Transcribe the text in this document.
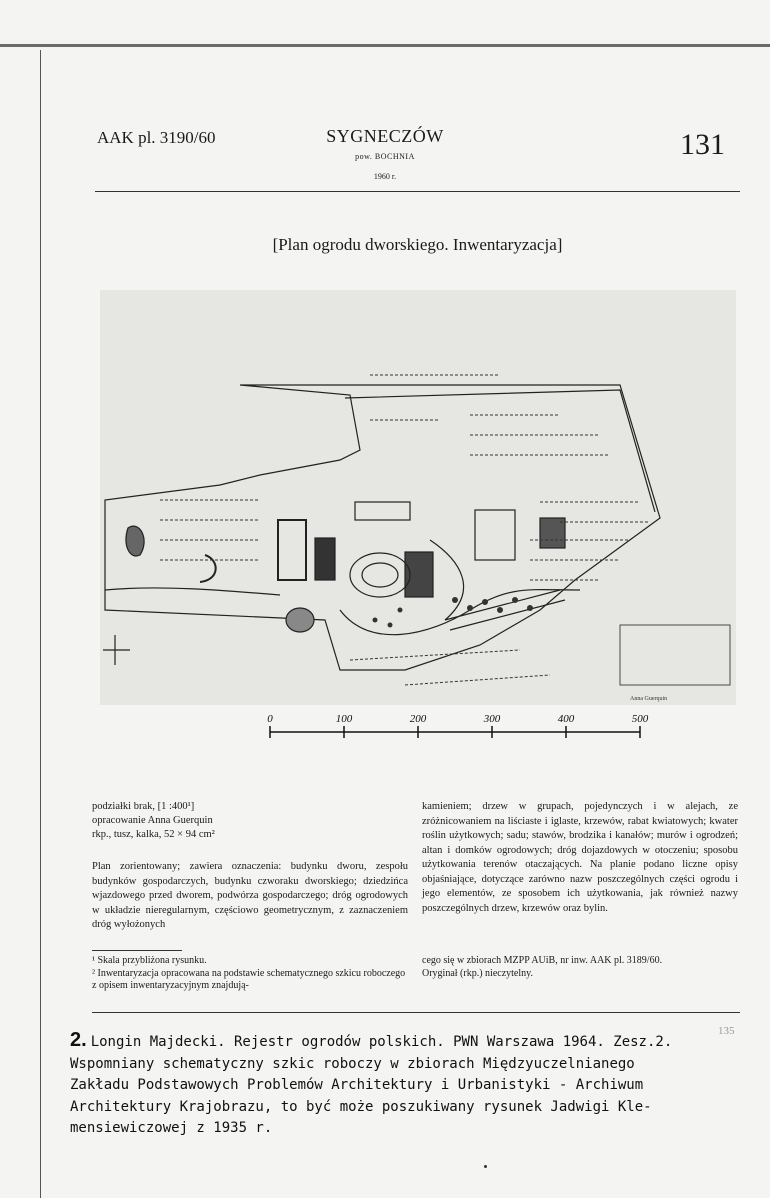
AAK pl. 3190/60	SYGNECZÓW
pow. BOCHNIA
1960 r.
131
[Plan ogrodu dworskiego. Inwentaryzacja]
Anna Guerquin
0	100	200	300	400	500
podziałki brak, [1 :400¹]
opracowanie Anna Guerquin
rkp., tusz, kalka, 52 × 94 cm²
Plan zorientowany; zawiera oznaczenia: budynku dworu, zespołu budynków gospodarczych, budynku czworaku dworskiego; dziedzińca wjazdowego przed dworem, podwórza gospodarczego; dróg ogrodowych w układzie nieregularnym, częściowo geometrycznym, z zaznaczeniem dróg wyłożonych
kamieniem; drzew w grupach, pojedynczych i w alejach, ze zróżnicowaniem na liściaste i iglaste, krzewów, rabat kwiatowych; kwater roślin użytkowych; sadu; stawów, brodzika i kanałów; murów i ogrodzeń; altan i domków ogrodowych; dróg dojazdowych w otoczeniu; sposobu użytkowania terenów otaczających. Na planie podano liczne opisy objaśniające, dotyczące zarówno nazw poszczególnych części ogrodu i jego elementów, ze sposobem ich użytkowania, jak również nazwy poszczególnych drzew, krzewów oraz bylin.
¹ Skala przybliżona rysunku.
² Inwentaryzacja opracowana na podstawie schematycznego szkicu roboczego z opisem inwentaryzacyjnym znajdują-
cego się w zbiorach MZPP AUiB, nr inw. AAK pl. 3189/60.
Oryginał (rkp.) nieczytelny.
135

2. Longin Majdecki. Rejestr ogrodów polskich. PWN Warszawa 1964. Zesz.2.

Wspomniany schematyczny szkic roboczy w zbiorach Międzyuczelnianego

Zakładu Podstawowych Problemów Architektury i Urbanistyki - Archiwum

Architektury Krajobrazu, to być może poszukiwany rysunek Jadwigi Kle-

mensiewiczowej z 1935 r.
